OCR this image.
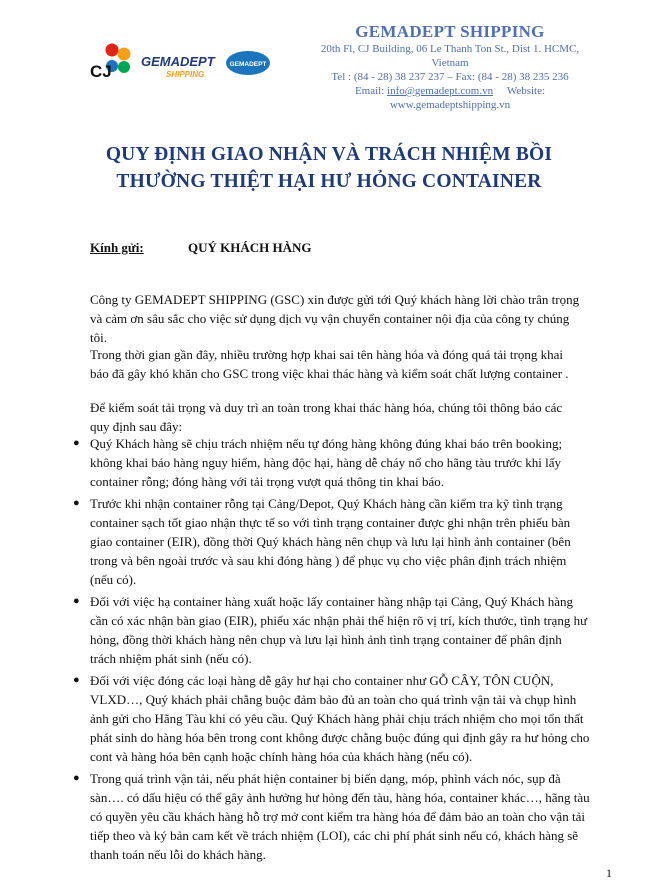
CJ
GEMADEPT
SHIPPING
GEMADEPT
GEMADEPT SHIPPING
20th Fl, CJ Building, 06 Le Thanh Ton St., Dist 1. HCMC,
Vietnam
Tel : (84 - 28) 38 237 237 – Fax: (84 - 28) 38 235 236
Email: info@gemadept.com.vn Website:
www.gemadeptshipping.vn
QUY ĐỊNH GIAO NHẬN VÀ TRÁCH NHIỆM BỒI
THƯỜNG THIỆT HẠI HƯ HỎNG CONTAINER
Kính gửi:	QUÝ KHÁCH HÀNG
Công ty GEMADEPT SHIPPING (GSC) xin được gửi tới Quý khách hàng lời chào trân trọng và cảm ơn sâu sắc cho việc sử dụng dịch vụ vận chuyển container nội địa của công ty chúng tôi.
Trong thời gian gần đây, nhiều trường hợp khai sai tên hàng hóa và đóng quá tải trọng khai báo đã gây khó khăn cho GSC trong việc khai thác hàng và kiểm soát chất lượng container .
Để kiểm soát tải trọng và duy trì an toàn trong khai thác hàng hóa, chúng tôi thông báo các quy định sau đây:
● Quý Khách hàng sẽ chịu trách nhiệm nếu tự đóng hàng không đúng khai báo trên booking; không khai báo hàng nguy hiểm, hàng độc hại, hàng dễ cháy nổ cho hãng tàu trước khi lấy container rỗng; đóng hàng với tải trọng vượt quá thông tin khai báo.
● Trước khi nhận container rỗng tại Cảng/Depot, Quý Khách hàng cần kiểm tra kỹ tình trạng container sạch tốt giao nhận thực tế so với tình trạng container được ghi nhận trên phiếu bàn giao container (EIR), đồng thời Quý khách hàng nên chụp và lưu lại hình ảnh container (bên trong và bên ngoài trước và sau khi đóng hàng ) để phục vụ cho việc phân định trách nhiệm (nếu có).
● Đối với việc hạ container hàng xuất hoặc lấy container hàng nhập tại Cảng, Quý Khách hàng cần có xác nhận bàn giao (EIR), phiếu xác nhận phải thể hiện rõ vị trí, kích thước, tình trạng hư hỏng, đồng thời khách hàng nên chụp và lưu lại hình ảnh tình trạng container để phân định trách nhiệm phát sinh (nếu có).
● Đối với việc đóng các loại hàng dễ gây hư hại cho container như GỖ CÂY, TÔN CUỘN, VLXD…, Quý khách phải chằng buộc đảm bảo đủ an toàn cho quá trình vận tải và chụp hình ảnh gửi cho Hãng Tàu khi có yêu cầu. Quý Khách hàng phải chịu trách nhiệm cho mọi tổn thất phát sinh do hàng hóa bên trong cont không được chằng buộc đúng qui định gây ra hư hỏng cho cont và hàng hóa bên cạnh hoặc chính hàng hóa của khách hàng (nếu có).
● Trong quá trình vận tải, nếu phát hiện container bị biến dạng, móp, phình vách nóc, sụp đà sàn…. có dấu hiệu có thể gây ảnh hưởng hư hỏng đến tàu, hàng hóa, container khác…, hãng tàu có quyền yêu cầu khách hàng hỗ trợ mở cont kiểm tra hàng hóa để đảm bảo an toàn cho vận tải tiếp theo và ký bản cam kết về trách nhiệm (LOI), các chi phí phát sinh nếu có, khách hàng sẽ thanh toán nếu lỗi do khách hàng.
1
